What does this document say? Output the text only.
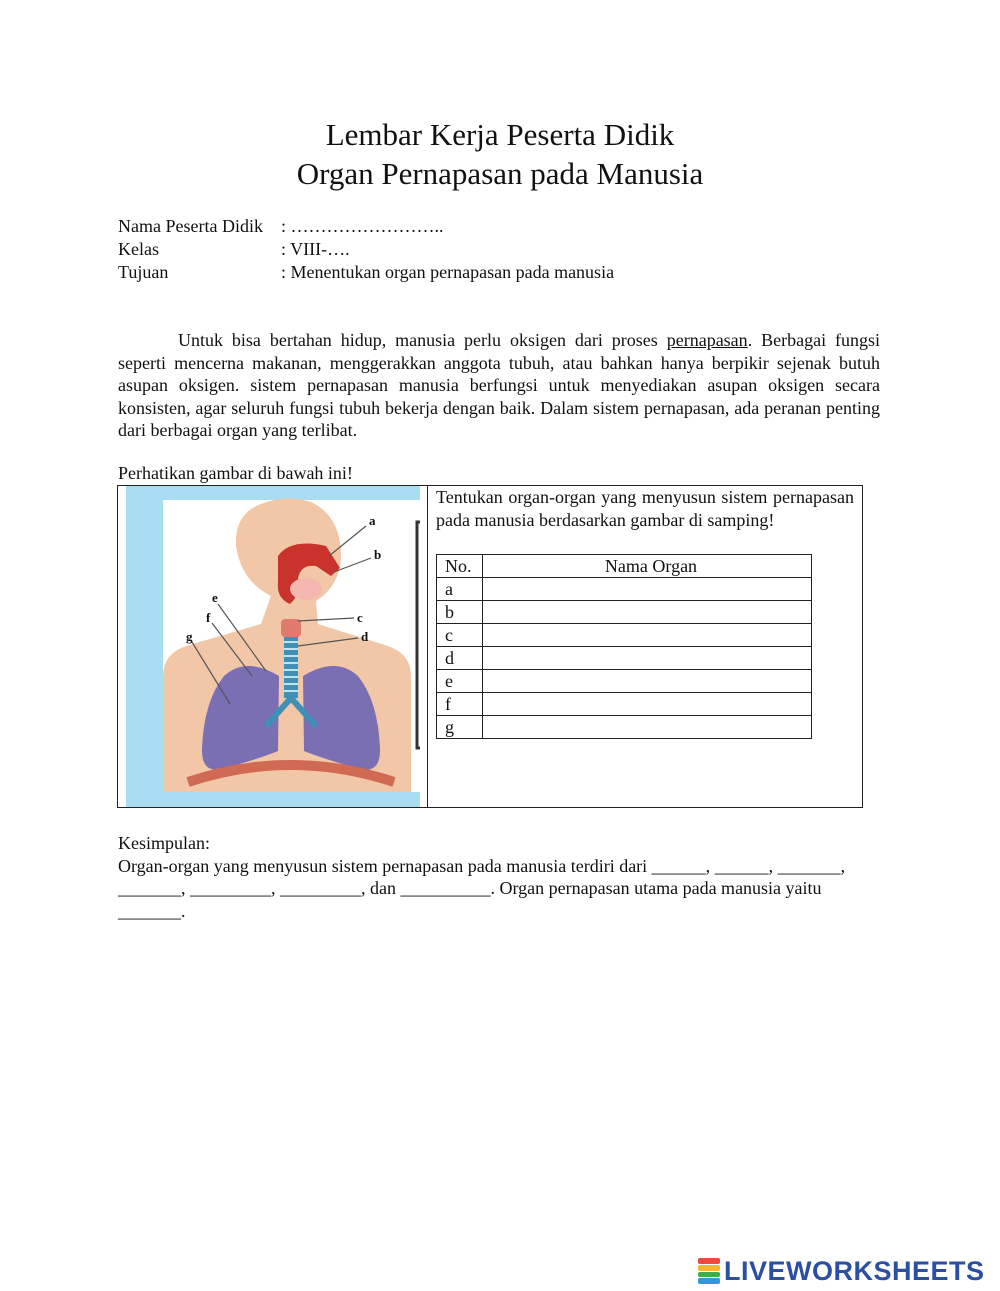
Lembar Kerja Peserta Didik
Organ Pernapasan pada Manusia
Nama Peserta Didik : ……………………..
Kelas	: VIII-….
Tujuan	: Menentukan organ pernapasan pada manusia

Untuk bisa bertahan hidup, manusia perlu oksigen dari proses pernapasan. Berbagai fungsi seperti mencerna makanan, menggerakkan anggota tubuh, atau bahkan hanya berpikir sejenak butuh asupan oksigen. sistem pernapasan manusia berfungsi untuk menyediakan asupan oksigen secara konsisten, agar seluruh fungsi tubuh bekerja dengan baik. Dalam sistem pernapasan, ada peranan penting dari berbagai organ yang terlibat.

Perhatikan gambar di bawah ini!
a
b
c
d
e
f
g

Tentukan organ-organ yang menyusun sistem pernapasan pada manusia berdasarkan gambar di samping!

No.	Nama Organ
a	
b	
c	
d	
e	
f	
g	
Kesimpulan:
Organ-organ yang menyusun sistem pernapasan pada manusia terdiri dari ______, ______, _______, _______, _________, _________, dan __________. Organ pernapasan utama pada manusia yaitu _______.
LIVEWORKSHEETS
